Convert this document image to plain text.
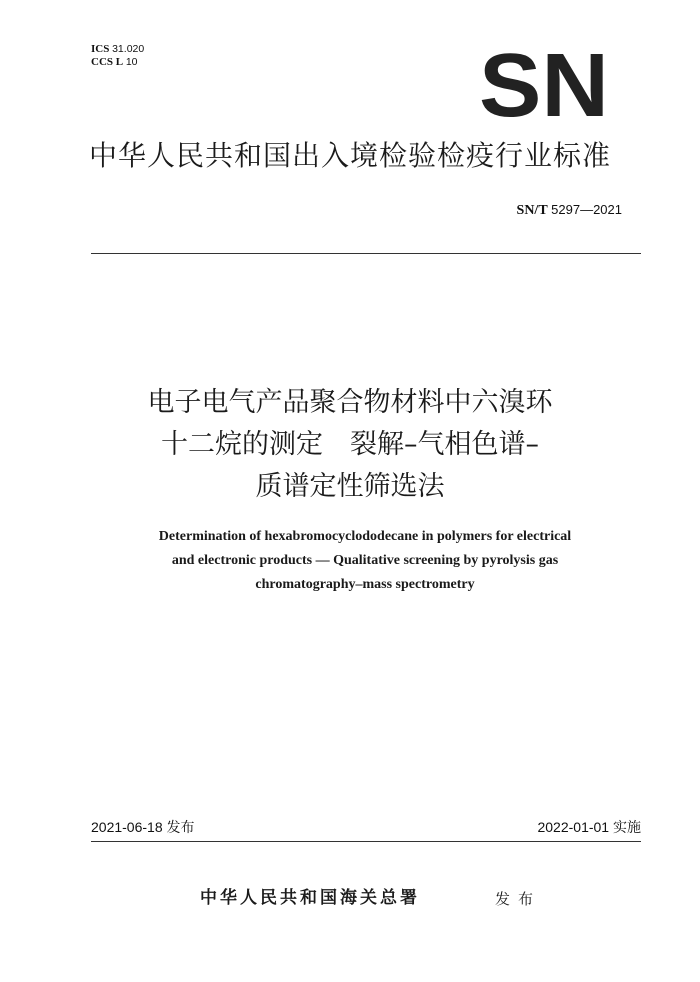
ICS 31.020
CCS L 10	SN
中华人民共和国出入境检验检疫行业标准
SN/T 5297—2021
电子电气产品聚合物材料中六溴环
十二烷的测定　裂解–气相色谱–
质谱定性筛选法
Determination of hexabromocyclododecane in polymers for electrical
and electronic products — Qualitative screening by pyrolysis gas
chromatography–mass spectrometry
2021-06-18 发布	2022-01-01 实施
中华人民共和国海关总署	发布
